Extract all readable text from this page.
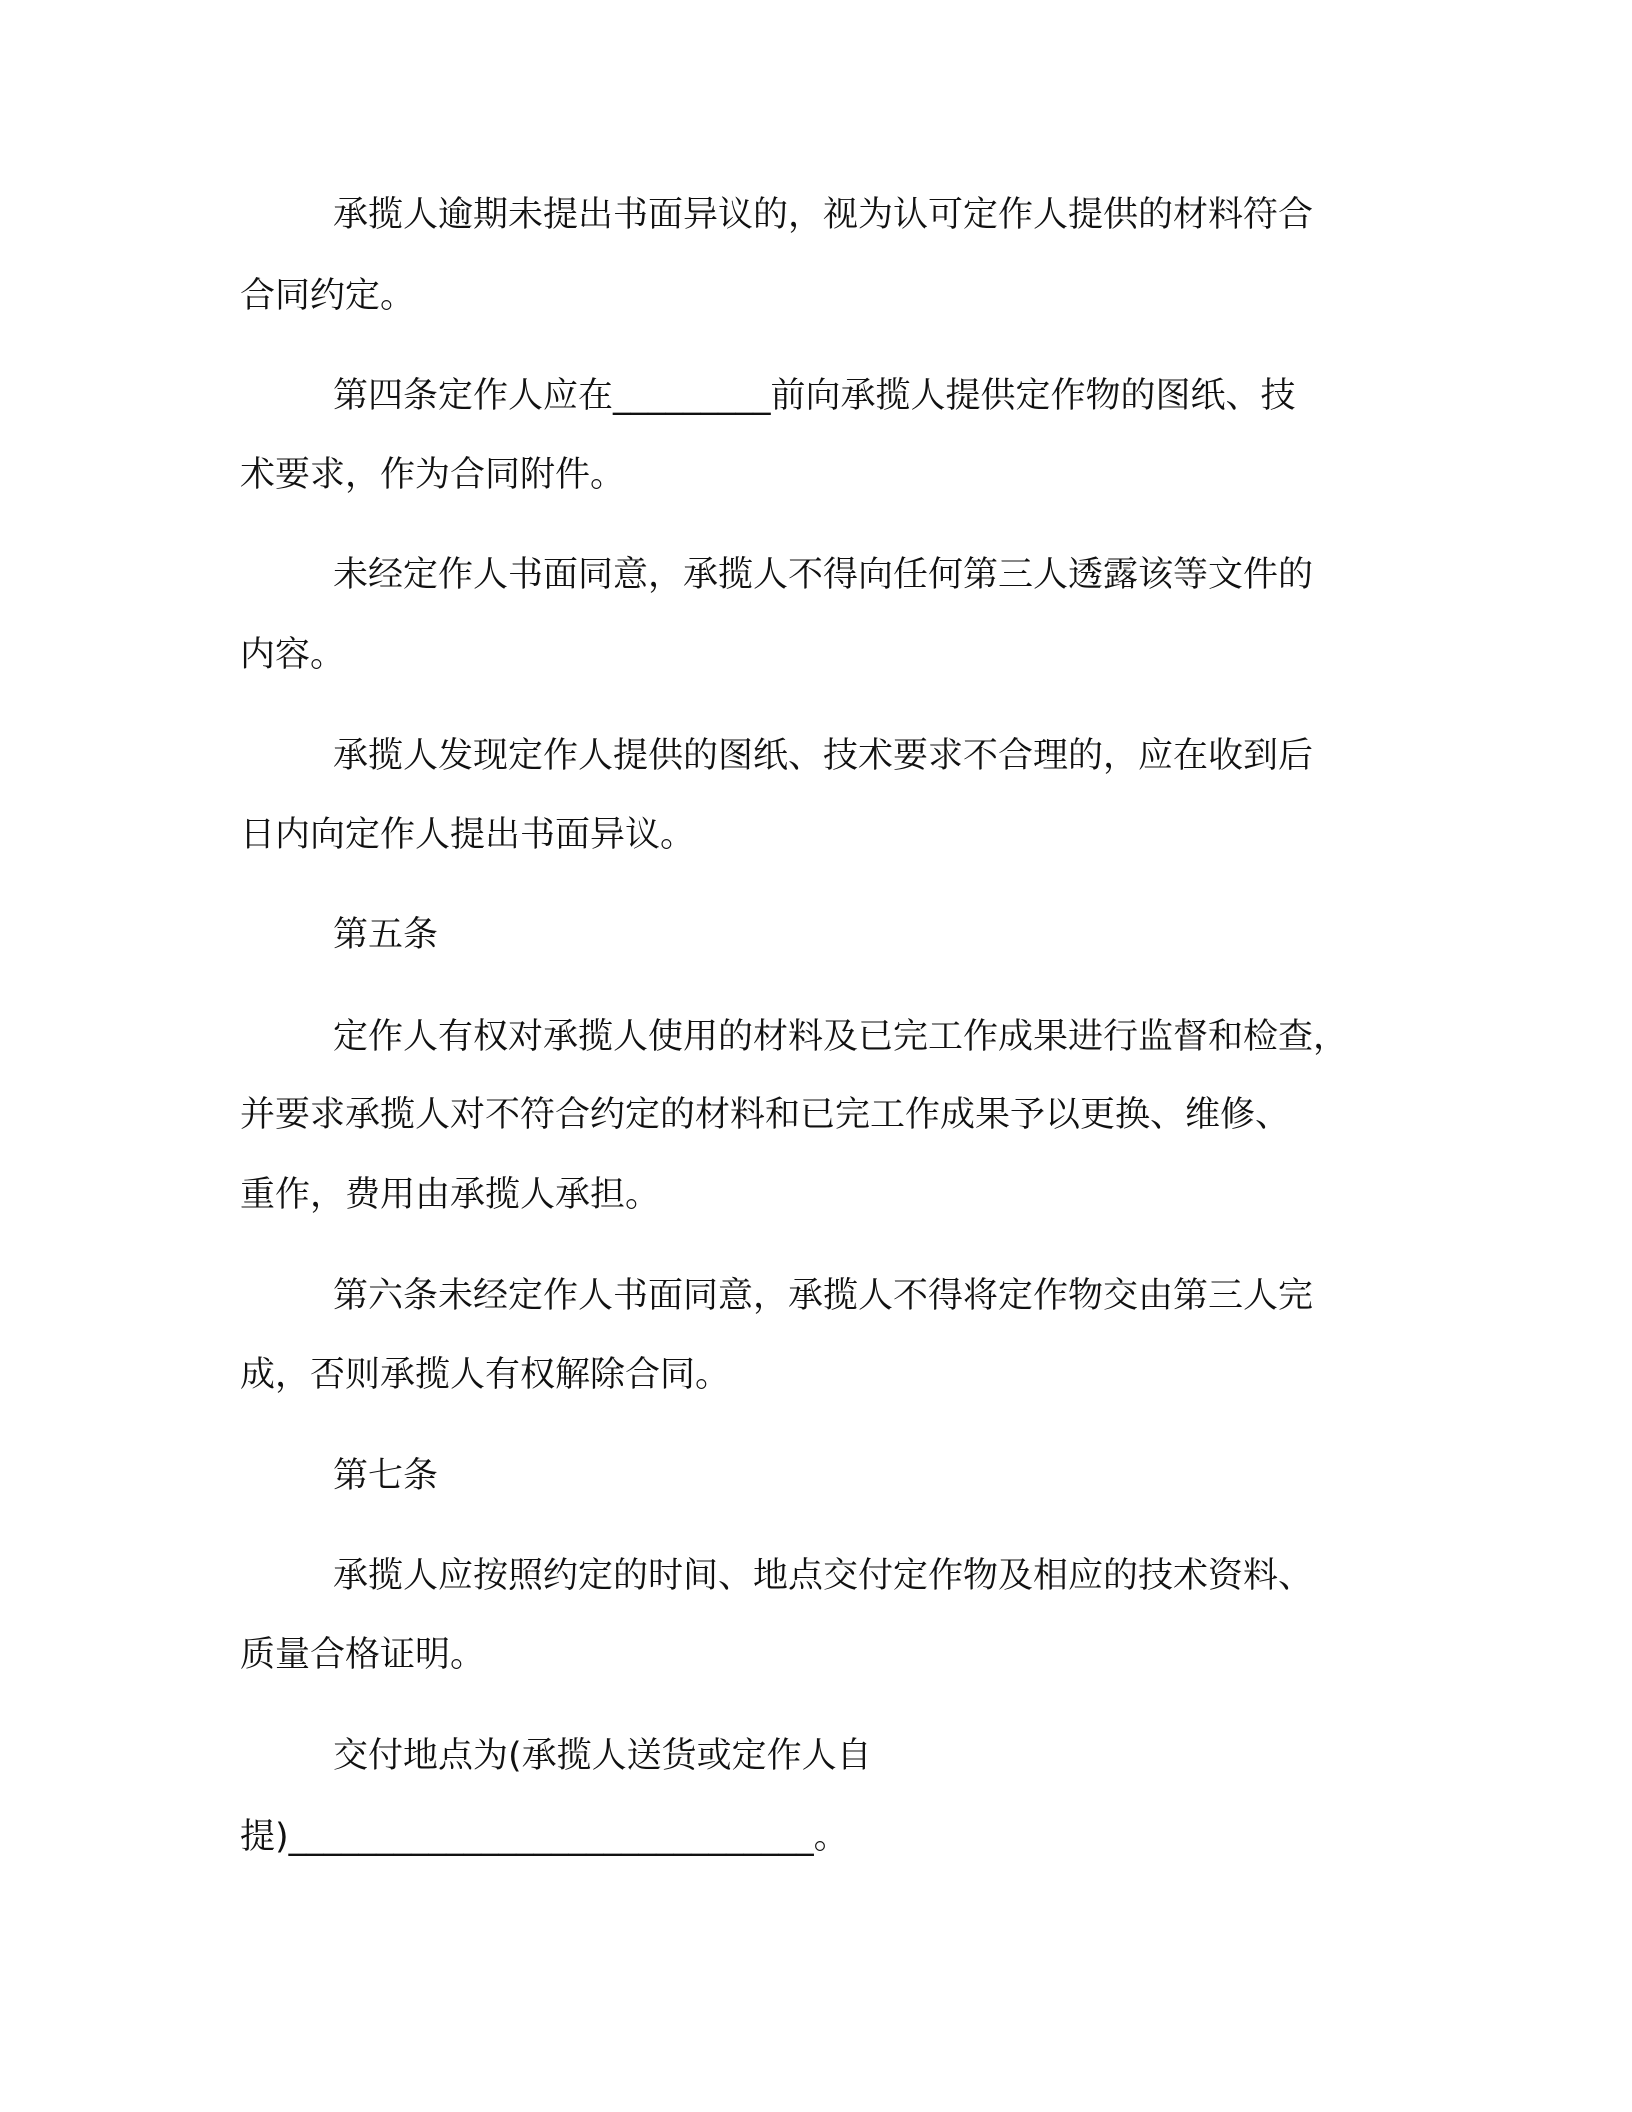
承揽人逾期未提出书面异议的，视为认可定作人提供的材料符合

合同约定。

第四条定作人应在_________前向承揽人提供定作物的图纸、技

术要求，作为合同附件。

未经定作人书面同意，承揽人不得向任何第三人透露该等文件的

内容。

承揽人发现定作人提供的图纸、技术要求不合理的，应在收到后

日内向定作人提出书面异议。

第五条

定作人有权对承揽人使用的材料及已完工作成果进行监督和检查，

并要求承揽人对不符合约定的材料和已完工作成果予以更换、维修、

重作，费用由承揽人承担。

第六条未经定作人书面同意，承揽人不得将定作物交由第三人完

成，否则承揽人有权解除合同。

第七条

承揽人应按照约定的时间、地点交付定作物及相应的技术资料、

质量合格证明。

交付地点为(承揽人送货或定作人自

提)______________________________。
